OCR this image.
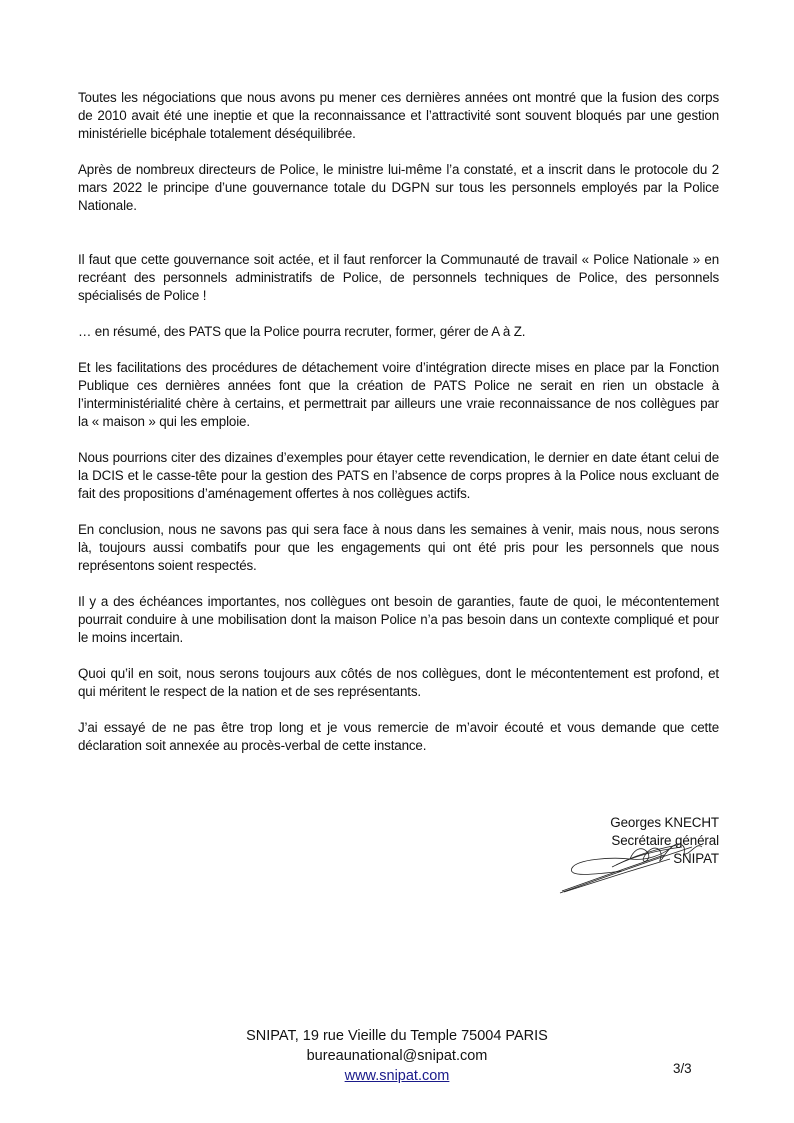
Toutes les négociations que nous avons pu mener ces dernières années ont montré que la fusion des corps de 2010 avait été une ineptie et que la reconnaissance et l’attractivité sont souvent bloqués par une gestion ministérielle bicéphale totalement déséquilibrée.

Après de nombreux directeurs de Police, le ministre lui-même l’a constaté, et a inscrit dans le protocole du 2 mars 2022 le principe d’une gouvernance totale du DGPN sur tous les personnels employés par la Police Nationale.

Il faut que cette gouvernance soit actée, et il faut renforcer la Communauté de travail « Police Nationale » en recréant des personnels administratifs de Police, de personnels techniques de Police, des personnels spécialisés de Police !

… en résumé, des PATS que la Police pourra recruter, former, gérer de A à Z.

Et les facilitations des procédures de détachement voire d’intégration directe mises en place par la Fonction Publique ces dernières années font que la création de PATS Police ne serait en rien un obstacle à l’interministérialité chère à certains, et permettrait par ailleurs une vraie reconnaissance de nos collègues par la « maison » qui les emploie.

Nous pourrions citer des dizaines d’exemples pour étayer cette revendication, le dernier en date étant celui de la DCIS et le casse-tête pour la gestion des PATS en l’absence de corps propres à la Police nous excluant de fait des propositions d’aménagement offertes à nos collègues actifs.

En conclusion, nous ne savons pas qui sera face à nous dans les semaines à venir, mais nous, nous serons là, toujours aussi combatifs pour que les engagements qui ont été pris pour les personnels que nous représentons soient respectés.

Il y a des échéances importantes, nos collègues ont besoin de garanties, faute de quoi, le mécontentement pourrait conduire à une mobilisation dont la maison Police n’a pas besoin dans un contexte compliqué et pour le moins incertain.

Quoi qu’il en soit, nous serons toujours aux côtés de nos collègues, dont le mécontentement est profond, et qui méritent le respect de la nation et de ses représentants.

J’ai essayé de ne pas être trop long et je vous remercie de m’avoir écouté et vous demande que cette déclaration soit annexée au procès-verbal de cette instance.

Georges KNECHT
Secrétaire général
SNIPAT
SNIPAT, 19 rue Vieille du Temple 75004 PARIS
bureaunational@snipat.com
www.snipat.com	3/3
